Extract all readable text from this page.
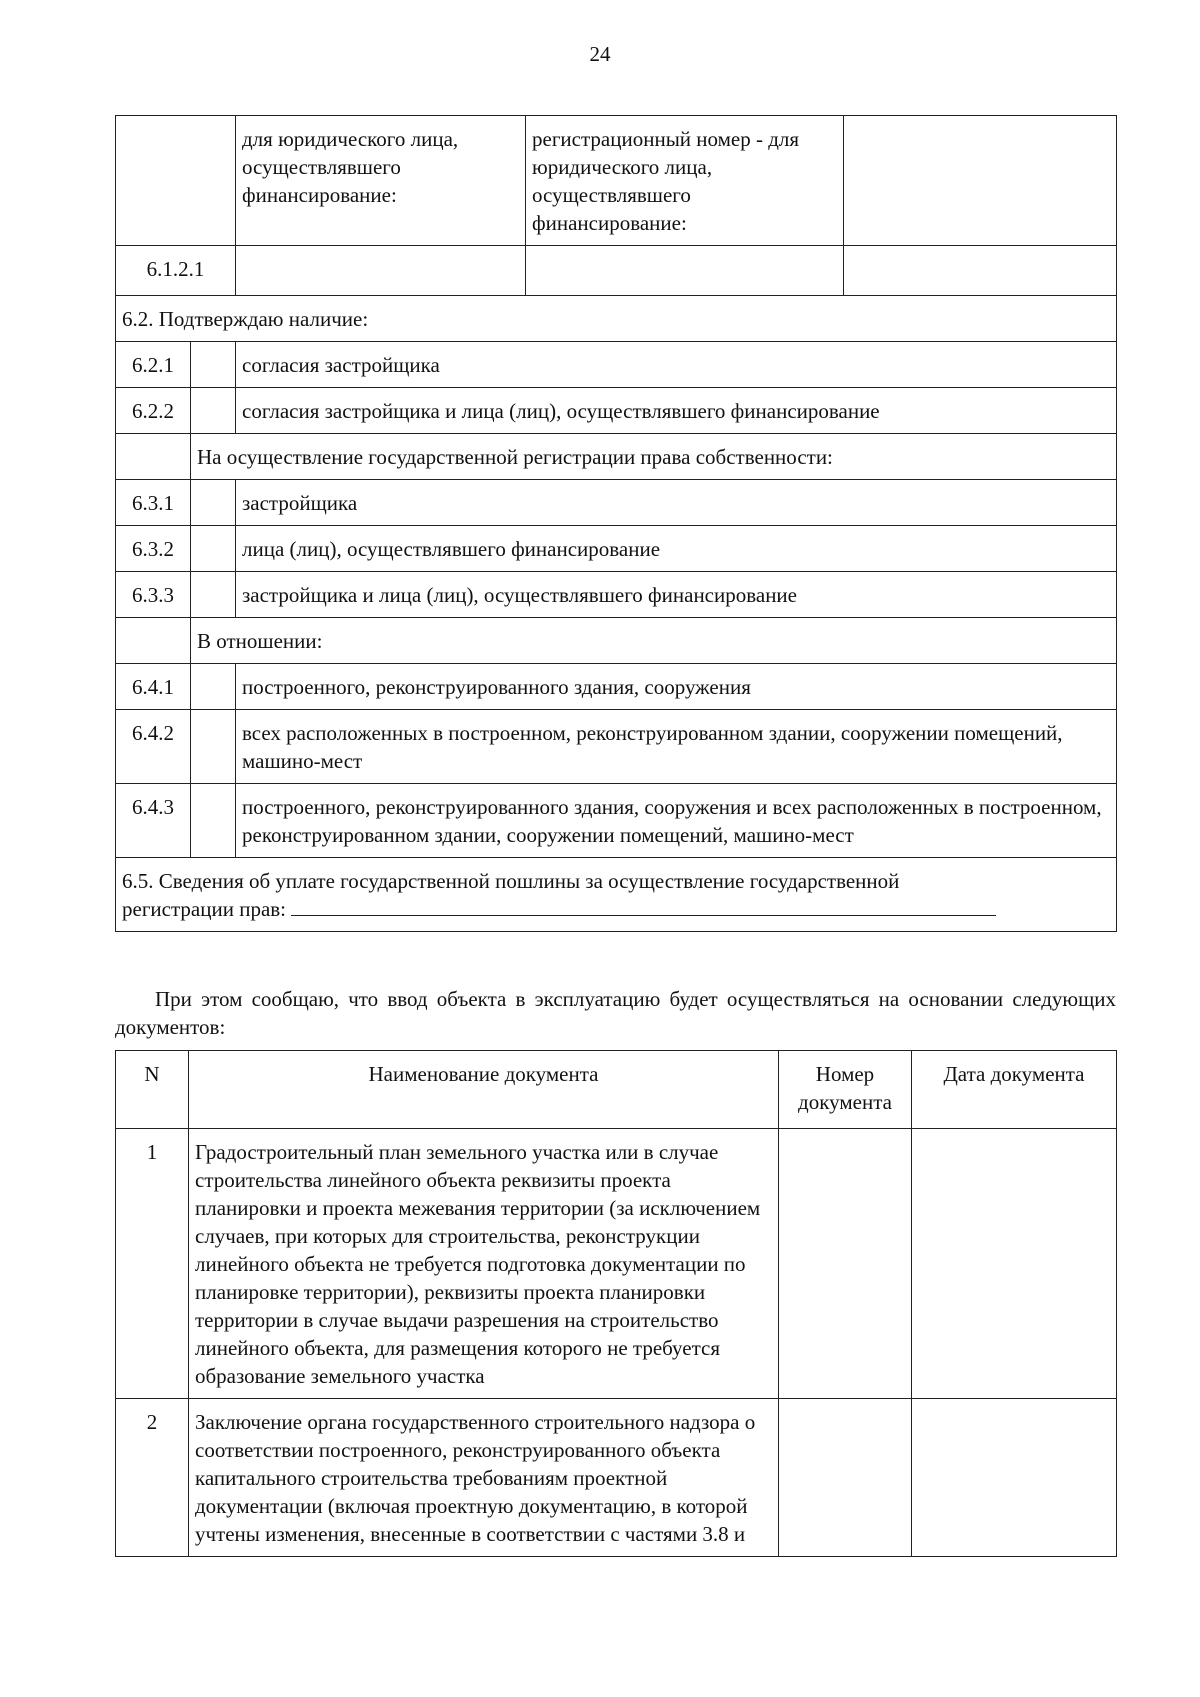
24
		для юридического лица, осуществлявшего финансирование:	регистрационный номер - для юридического лица, осуществлявшего финансирование:	
6.1.2.1				
6.2. Подтверждаю наличие:				
6.2.1		согласия застройщика		
6.2.2		согласия застройщика и лица (лиц), осуществлявшего финансирование		
	На осуществление государственной регистрации права собственности:			
6.3.1		застройщика		
6.3.2		лица (лиц), осуществлявшего финансирование		
6.3.3		застройщика и лица (лиц), осуществлявшего финансирование		
	В отношении:			
6.4.1		построенного, реконструированного здания, сооружения		
6.4.2		всех расположенных в построенном, реконструированном здании, сооружении помещений, машино-мест		
6.4.3		построенного, реконструированного здания, сооружения и всех расположенных в построенном, реконструированном здании, сооружении помещений, машино-мест		
6.5. Сведения об уплате государственной пошлины за осуществление государственной
регистрации прав:				
При этом сообщаю, что ввод объекта в эксплуатацию будет осуществляться на основании следующих документов:
N	Наименование документа	Номер документа	Дата документа
1	Градостроительный план земельного участка или в случае строительства линейного объекта реквизиты проекта планировки и проекта межевания территории (за исключением случаев, при которых для строительства, реконструкции линейного объекта не требуется подготовка документации по планировке территории), реквизиты проекта планировки территории в случае выдачи разрешения на строительство линейного объекта, для размещения которого не требуется образование земельного участка		
2	Заключение органа государственного строительного надзора о соответствии построенного, реконструированного объекта капитального строительства требованиям проектной документации (включая проектную документацию, в которой учтены изменения, внесенные в соответствии с частями 3.8 и		
